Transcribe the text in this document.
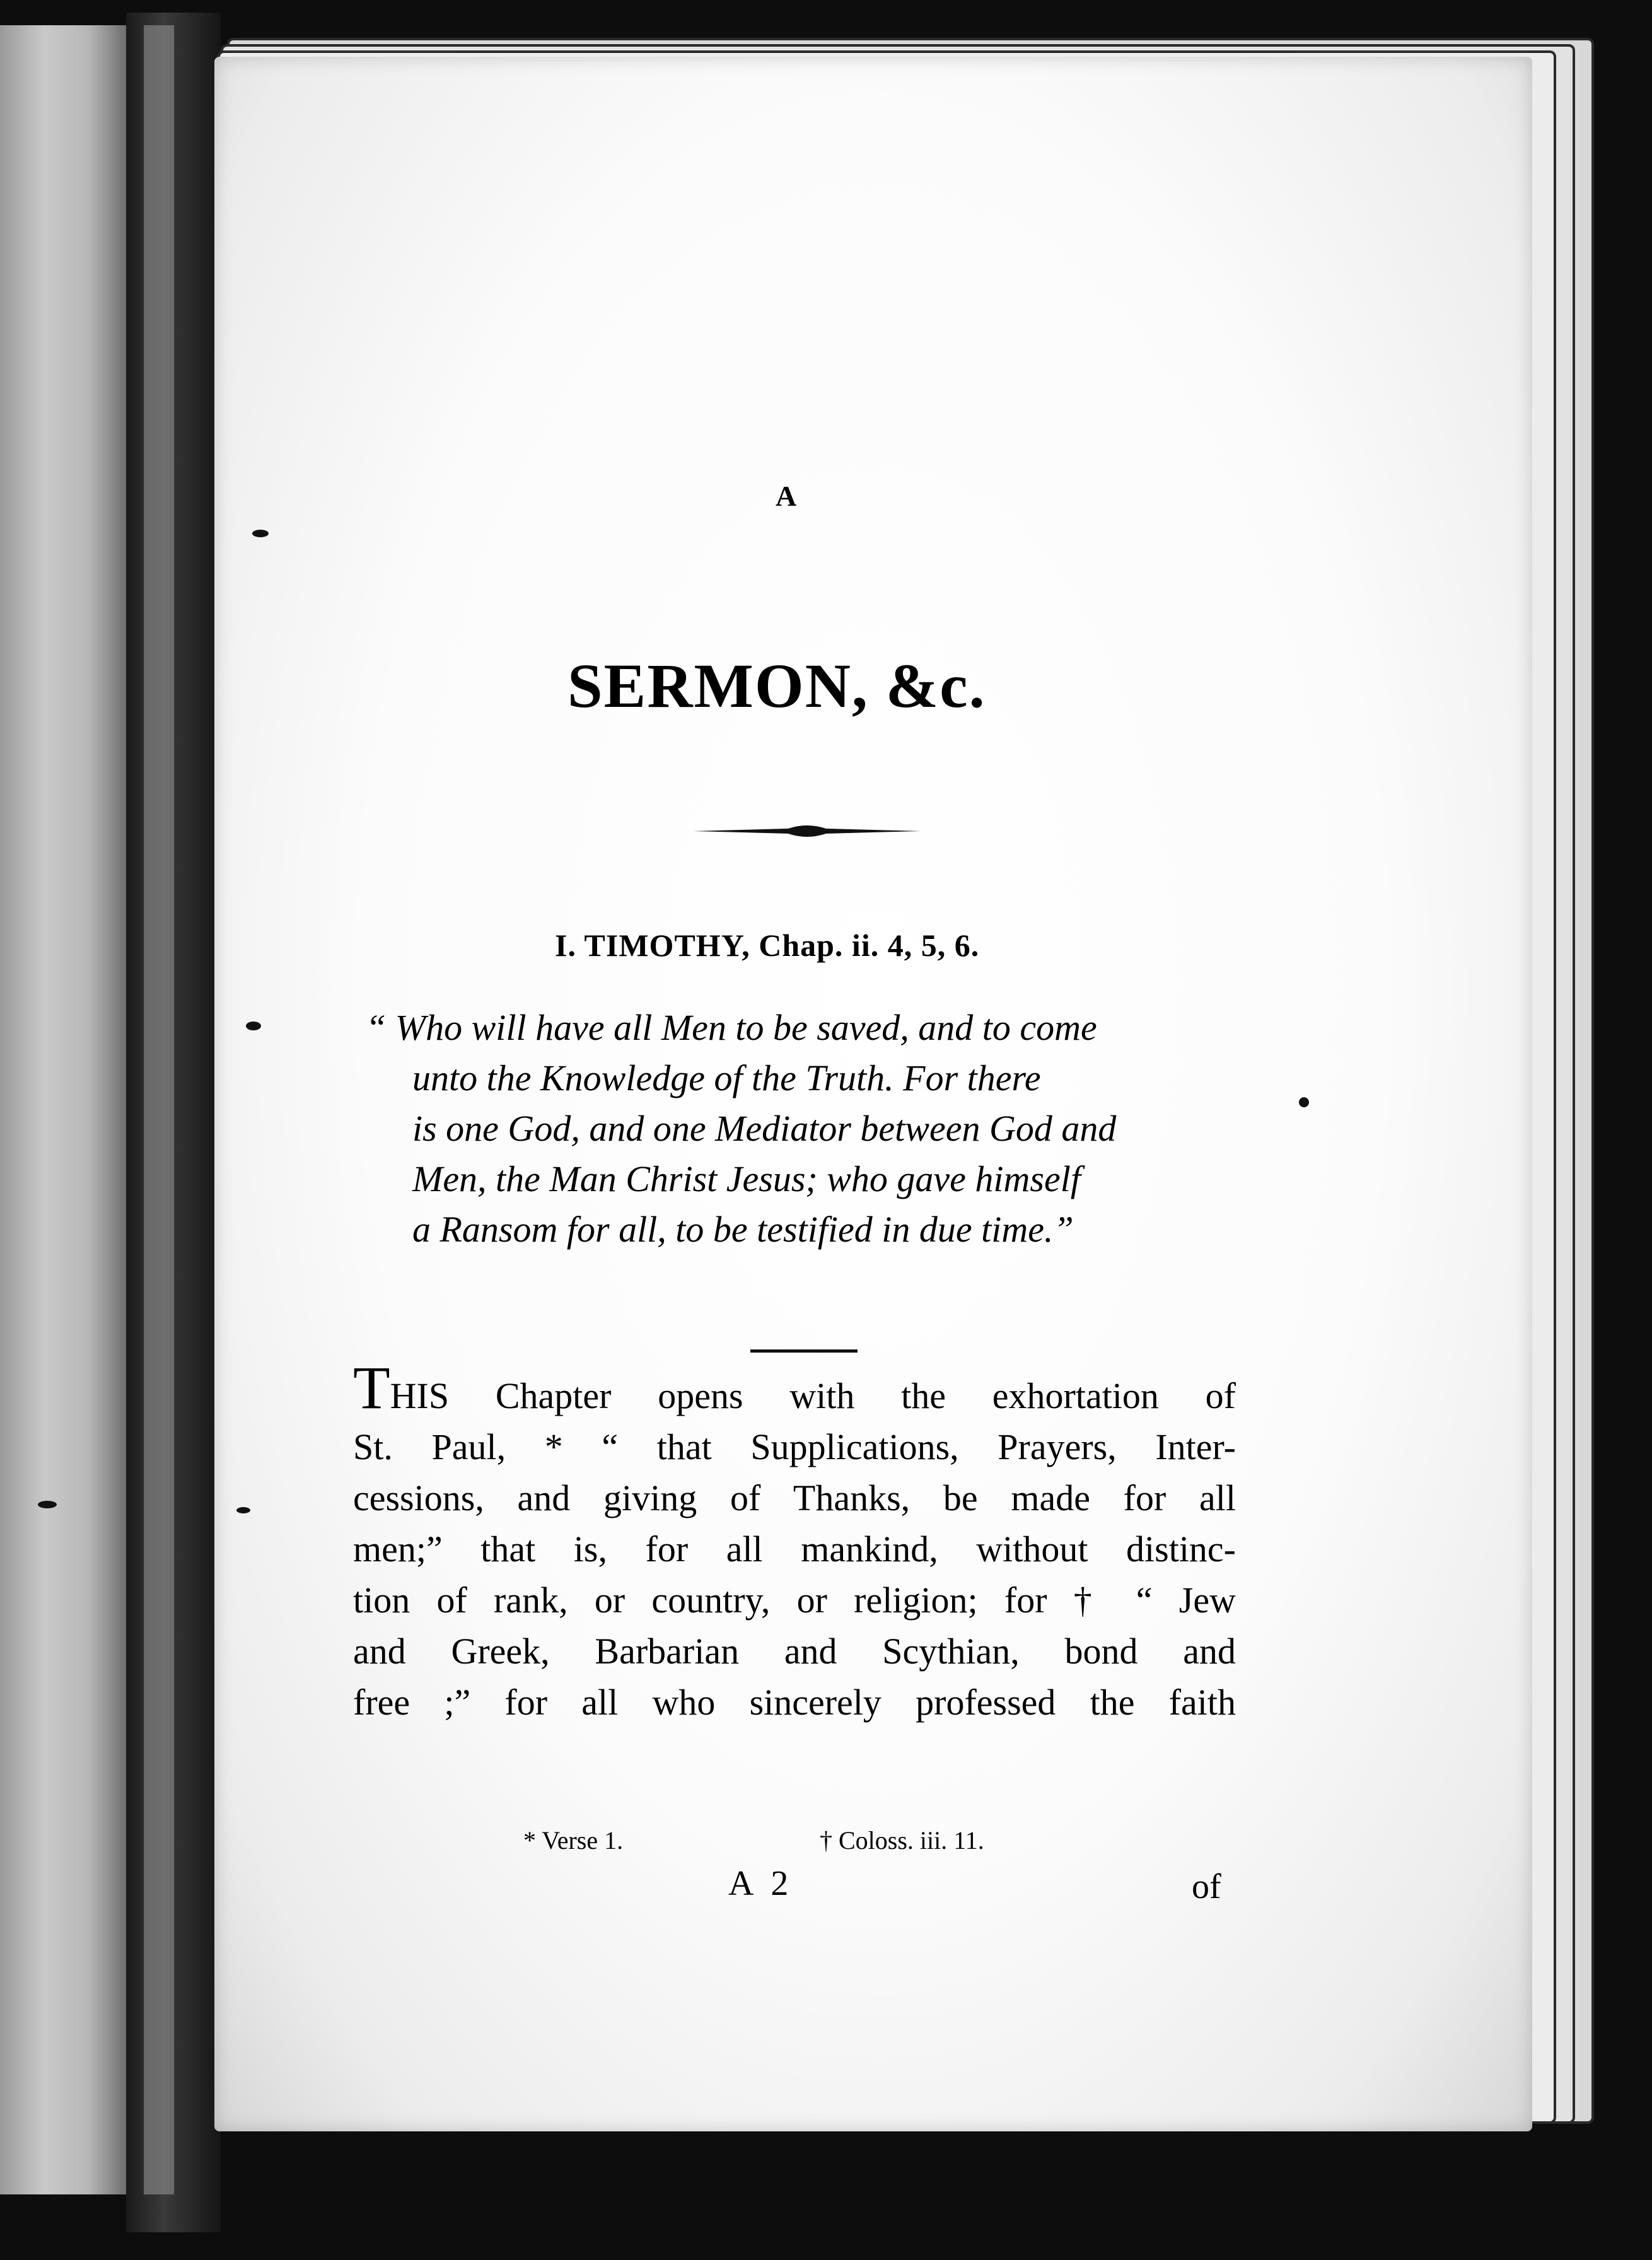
A
SERMON, &c.
I. TIMOTHY, Chap. ii. 4, 5, 6.
“ Who will have all Men to be saved, and to come
unto the Knowledge of the Truth. For there
is one God, and one Mediator between God and
Men, the Man Christ Jesus; who gave himself
a Ransom for all, to be testified in due time.”
THIS Chapter opens with the exhortation of
St. Paul, * “ that Supplications, Prayers, Inter-
cessions, and giving of Thanks, be made for all
men;” that is, for all mankind, without distinc-
tion of rank, or country, or religion; for † “ Jew
and Greek, Barbarian and Scythian, bond and
free ;” for all who sincerely professed the faith
* Verse 1.	† Coloss. iii. 11.
A 2	of
